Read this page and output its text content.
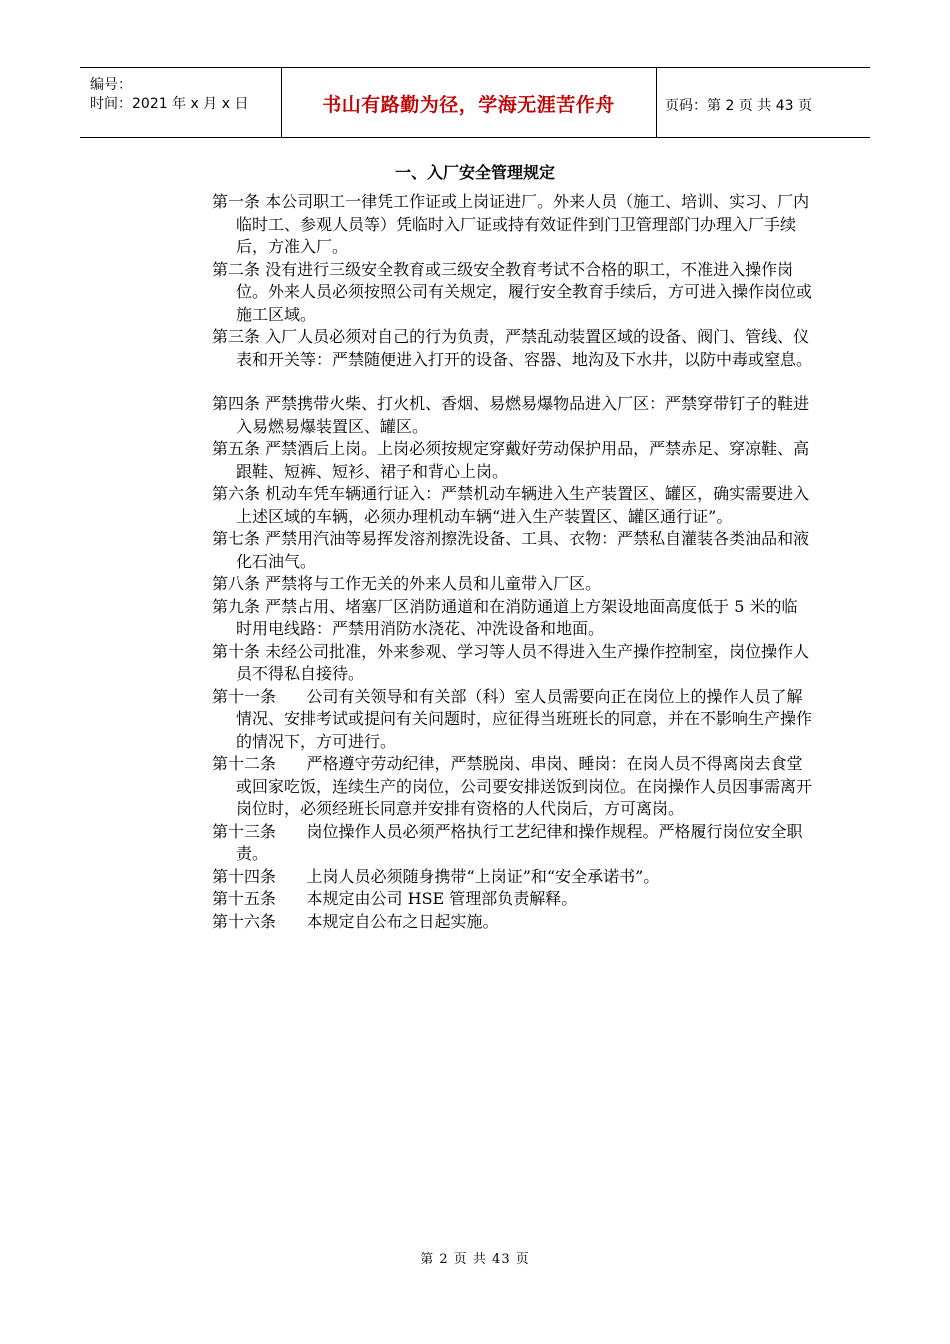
编号：
时间：2021 年 x 月 x 日	书山有路勤为径，学海无涯苦作舟	页码：第 2 页 共 43 页
一、入厂安全管理规定

第一条 本公司职工一律凭工作证或上岗证进厂。外来人员（施工、培训、实习、厂内临时工、参观人员等）凭临时入厂证或持有效证件到门卫管理部门办理入厂手续后，方准入厂。

第二条 没有进行三级安全教育或三级安全教育考试不合格的职工，不准进入操作岗位。外来人员必须按照公司有关规定，履行安全教育手续后，方可进入操作岗位或施工区域。

第三条 入厂人员必须对自己的行为负责，严禁乱动装置区域的设备、阀门、管线、仪表和开关等：严禁随便进入打开的设备、容器、地沟及下水井，以防中毒或窒息。

第四条 严禁携带火柴、打火机、香烟、易燃易爆物品进入厂区：严禁穿带钉子的鞋进入易燃易爆装置区、罐区。

第五条 严禁酒后上岗。上岗必须按规定穿戴好劳动保护用品，严禁赤足、穿凉鞋、高跟鞋、短裤、短衫、裙子和背心上岗。

第六条 机动车凭车辆通行证入：严禁机动车辆进入生产装置区、罐区，确实需要进入上述区域的车辆，必须办理机动车辆“进入生产装置区、罐区通行证”。

第七条 严禁用汽油等易挥发溶剂擦洗设备、工具、衣物：严禁私自灌装各类油品和液化石油气。

第八条 严禁将与工作无关的外来人员和儿童带入厂区。

第九条 严禁占用、堵塞厂区消防通道和在消防通道上方架设地面高度低于 5 米的临时用电线路：严禁用消防水浇花、冲洗设备和地面。

第十条 未经公司批准，外来参观、学习等人员不得进入生产操作控制室，岗位操作人员不得私自接待。

第十一条 公司有关领导和有关部（科）室人员需要向正在岗位上的操作人员了解情况、安排考试或提问有关问题时，应征得当班班长的同意，并在不影响生产操作的情况下，方可进行。

第十二条 严格遵守劳动纪律，严禁脱岗、串岗、睡岗：在岗人员不得离岗去食堂或回家吃饭，连续生产的岗位，公司要安排送饭到岗位。在岗操作人员因事需离开岗位时，必须经班长同意并安排有资格的人代岗后，方可离岗。

第十三条 岗位操作人员必须严格执行工艺纪律和操作规程。严格履行岗位安全职责。

第十四条 上岗人员必须随身携带“上岗证”和“安全承诺书”。

第十五条 本规定由公司 HSE 管理部负责解释。

第十六条 本规定自公布之日起实施。

第 2 页 共 43 页
